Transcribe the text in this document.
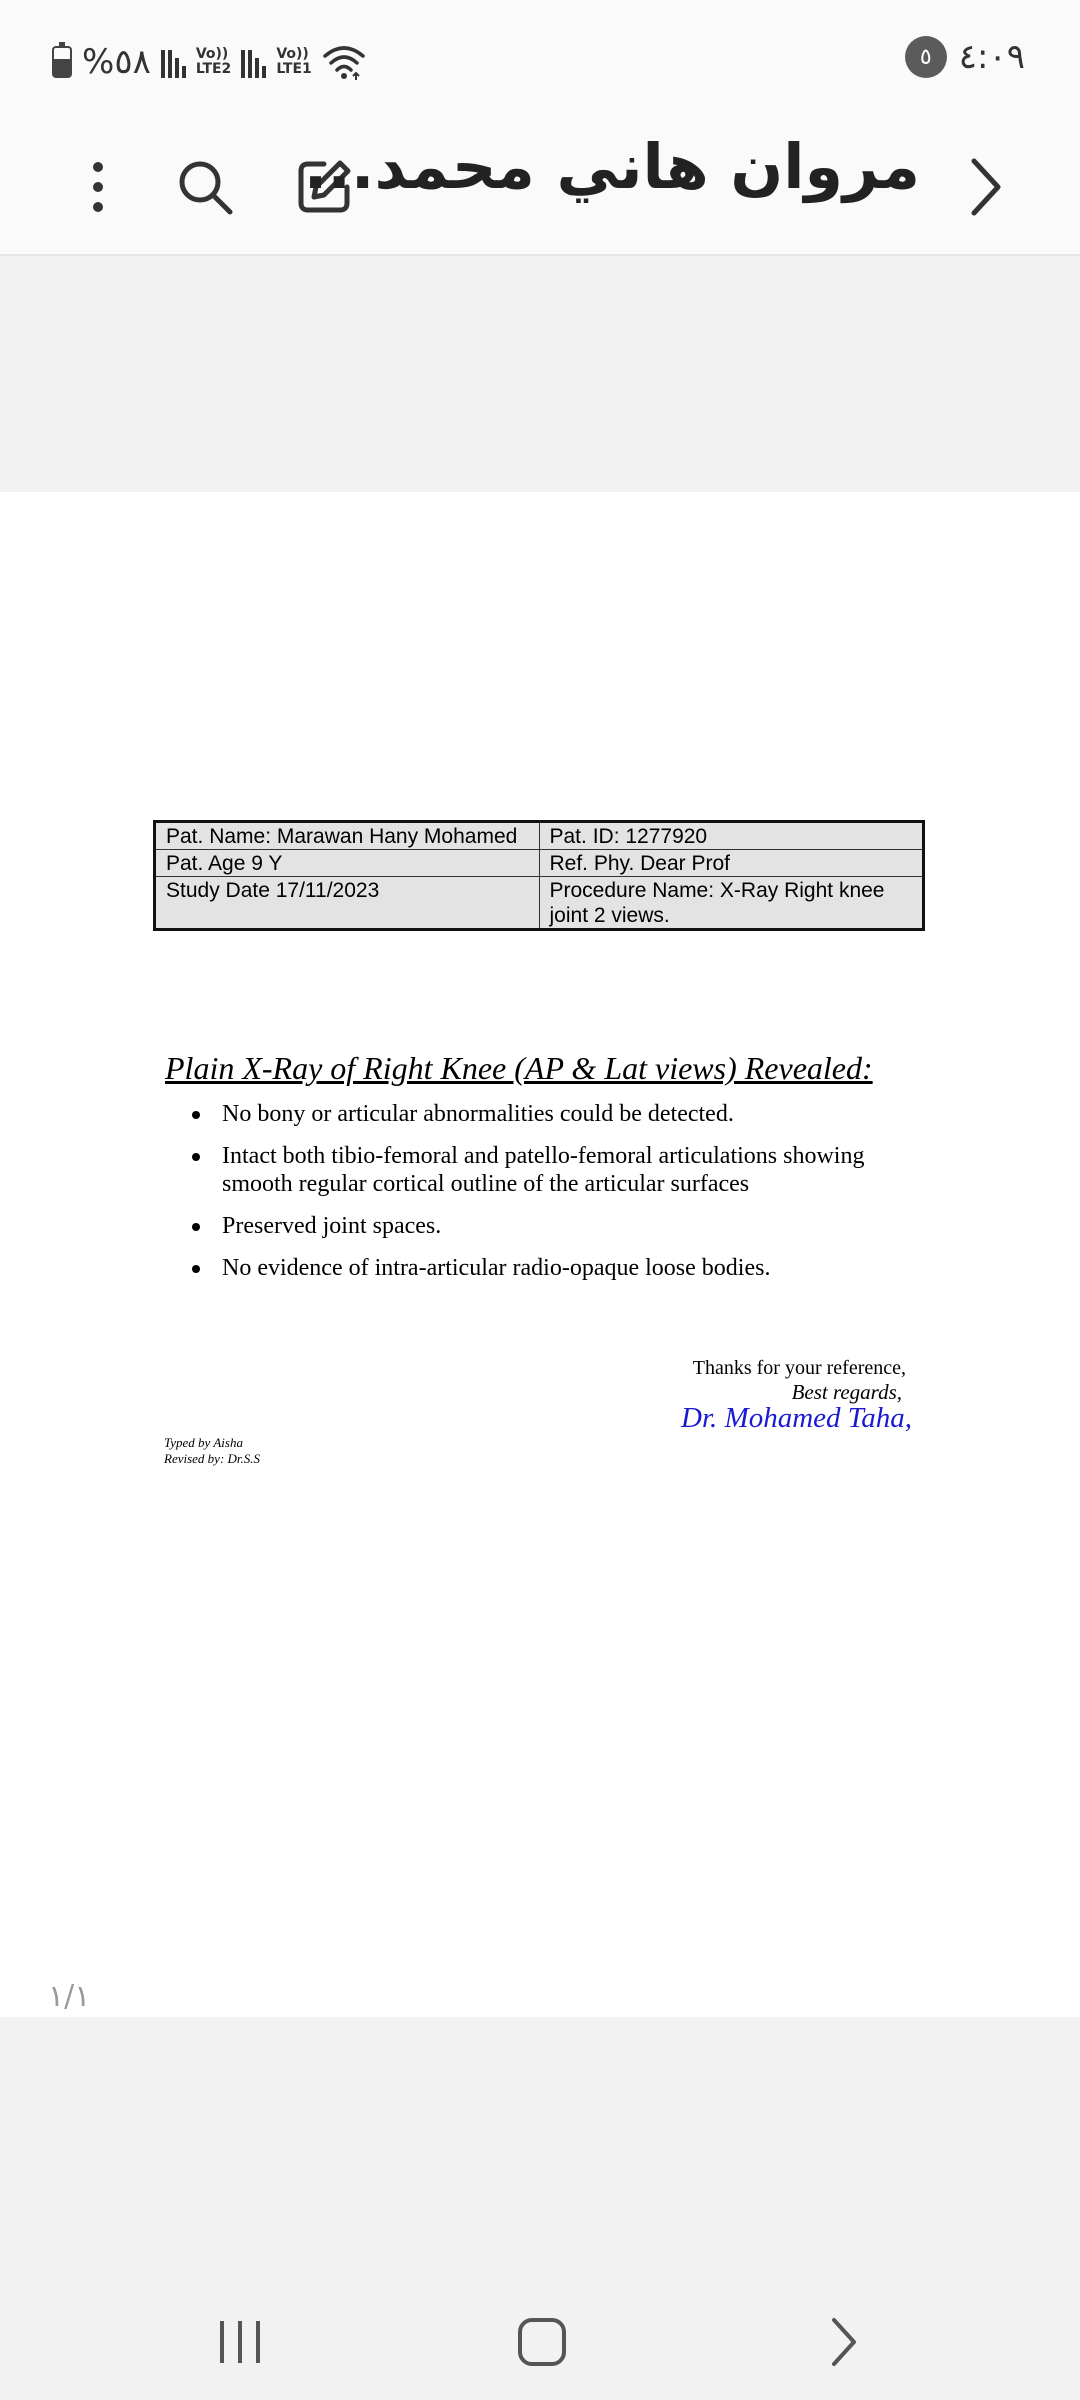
%٥٨	Vo))
LTE2
Vo))
LTE1	٥ ٤:٠٩
مروان هاني محمد...
Pat. Name: Marawan Hany Mohamed	Pat. ID: 1277920
Pat. Age 9 Y	Ref. Phy. Dear Prof
Study Date 17/11/2023	Procedure Name: X-Ray Right knee joint 2 views.
Plain X-Ray of Right Knee (AP & Lat views) Revealed:
No bony or articular abnormalities could be detected.
Intact both tibio-femoral and patello-femoral articulations showing smooth regular cortical outline of the articular surfaces
Preserved joint spaces.
No evidence of intra-articular radio-opaque loose bodies.
Thanks for your reference,
Best regards,
Dr. Mohamed Taha,
Typed by Aisha
Revised by: Dr.S.S
١/١
